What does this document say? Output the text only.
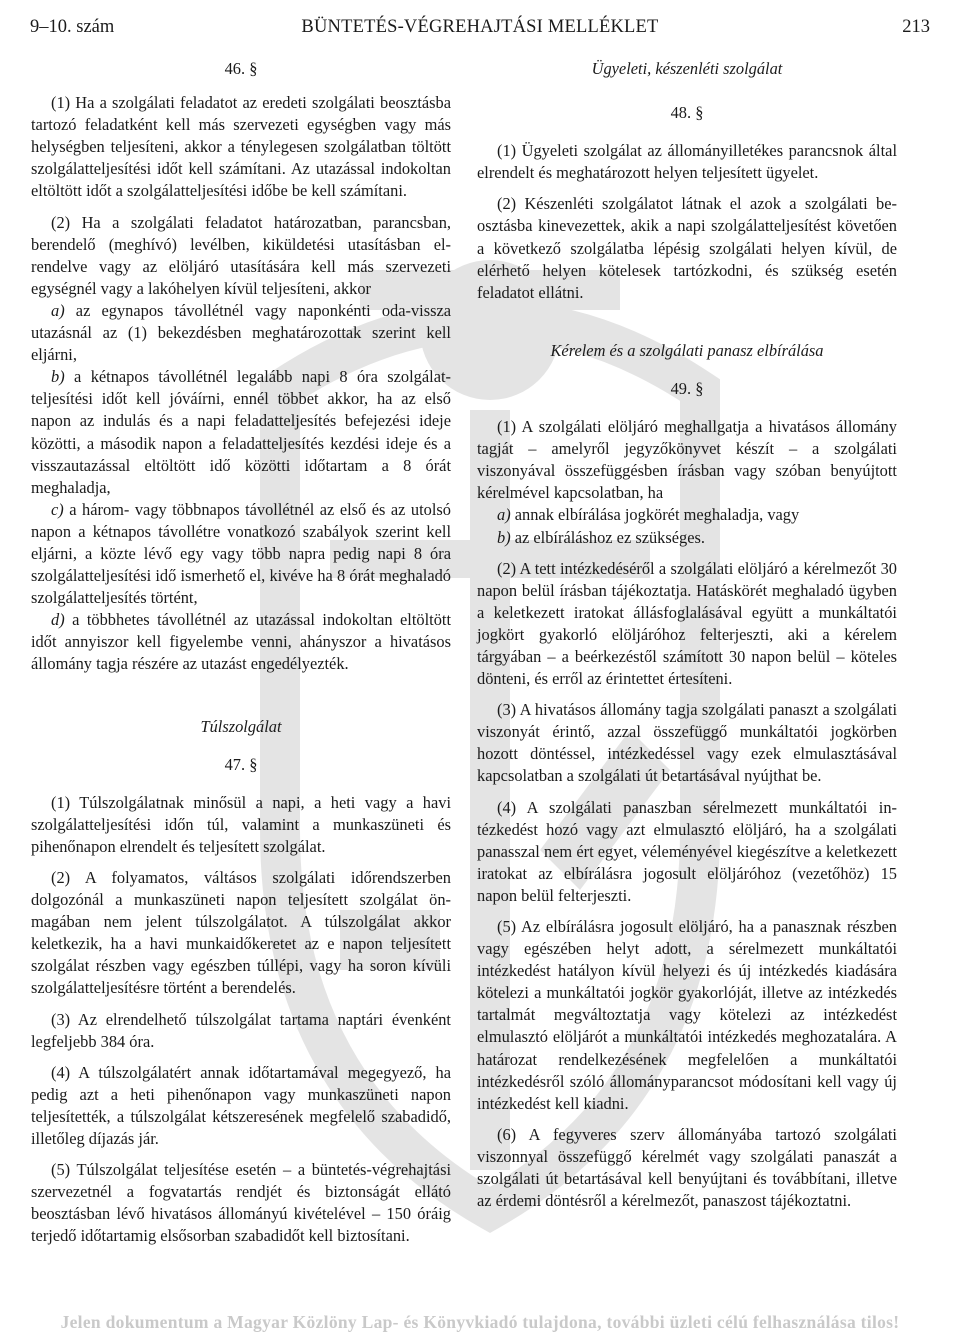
9–10. szám	BÜNTETÉS-VÉGREHAJTÁSI MELLÉKLET	213

46. §

(1) Ha a szolgálati feladatot az eredeti szolgálati beosztásba tartozó feladatként kell más szervezeti egységben vagy más helységben teljesíteni, akkor a ténylegesen szolgálatban töltött szolgálatteljesítési időt kell számítani. Az utazással indokoltan eltöltött időt a szolgálatteljesítési időbe be kell számítani.

(2) Ha a szolgálati feladatot határozatban, parancsban, berendelő (meghívó) levélben, kiküldetési utasításban elrendelve vagy az elöljáró utasítására kell más szervezeti egységnél vagy a lakóhelyen kívül teljesíteni, akkor

a) az egynapos távollétnél vagy naponkénti oda-vissza utazásnál az (1) bekezdésben meghatározottak szerint kell eljárni,

b) a kétnapos távollétnél legalább napi 8 óra szolgálatteljesítési időt kell jóváírni, ennél többet akkor, ha az első napon az indulás és a napi feladatteljesítés befejezési ideje közötti, a második napon a feladatteljesítés kezdési ideje és a visszautazással eltöltött idő közötti időtartam a 8 órát meghaladja,

c) a három- vagy többnapos távollétnél az első és az utolsó napon a kétnapos távollétre vonatkozó szabályok szerint kell eljárni, a közte lévő egy vagy több napra pedig napi 8 óra szolgálatteljesítési idő ismerhető el, kivéve ha 8 órát meghaladó szolgálatteljesítés történt,

d) a többhetes távollétnél az utazással indokoltan eltöltött időt annyiszor kell figyelembe venni, ahányszor a hivatásos állomány tagja részére az utazást engedélyezték.

Túlszolgálat

47. §

(1) Túlszolgálatnak minősül a napi, a heti vagy a havi szolgálatteljesítési időn túl, valamint a munkaszüneti és pihenőnapon elrendelt és teljesített szolgálat.

(2) A folyamatos, váltásos szolgálati időrendszerben dolgozónál a munkaszüneti napon teljesített szolgálat önmagában nem jelent túlszolgálatot. A túlszolgálat akkor keletkezik, ha a havi munkaidőkeretet az e napon teljesített szolgálat részben vagy egészben túllépi, vagy ha soron kívüli szolgálatteljesítésre történt a berendelés.

(3) Az elrendelhető túlszolgálat tartama naptári évenként legfeljebb 384 óra.

(4) A túlszolgálatért annak időtartamával megegyező, ha pedig azt a heti pihenőnapon vagy munkaszüneti napon teljesítették, a túlszolgálat kétszeresének megfelelő szabadidő, illetőleg díjazás jár.

(5) Túlszolgálat teljesítése esetén – a büntetés-végrehajtási szervezetnél a fogvatartás rendjét és biztonságát ellátó beosztásban lévő hivatásos állományú kivételével – 150 óráig terjedő időtartamig elsősorban szabadidőt kell biztosítani.

Ügyeleti, készenléti szolgálat

48. §

(1) Ügyeleti szolgálat az állományilletékes parancsnok által elrendelt és meghatározott helyen teljesített ügyelet.

(2) Készenléti szolgálatot látnak el azok a szolgálati beosztásba kinevezettek, akik a napi szolgálatteljesítést követően a következő szolgálatba lépésig szolgálati helyen kívül, de elérhető helyen kötelesek tartózkodni, és szükség esetén feladatot ellátni.

Kérelem és a szolgálati panasz elbírálása

49. §

(1) A szolgálati elöljáró meghallgatja a hivatásos állomány tagját – amelyről jegyzőkönyvet készít – a szolgálati viszonyával összefüggésben írásban vagy szóban benyújtott kérelmével kapcsolatban, ha

a) annak elbírálása jogkörét meghaladja, vagy

b) az elbíráláshoz ez szükséges.

(2) A tett intézkedéséről a szolgálati elöljáró a kérelmezőt 30 napon belül írásban tájékoztatja. Hatáskörét meghaladó ügyben a keletkezett iratokat állásfoglalásával együtt a munkáltatói jogkört gyakorló elöljáróhoz felterjeszti, aki a kérelem tárgyában – a beérkezéstől számított 30 napon belül – köteles dönteni, és erről az érintettet értesíteni.

(3) A hivatásos állomány tagja szolgálati panaszt a szolgálati viszonyát érintő, azzal összefüggő munkáltatói jogkörben hozott döntéssel, intézkedéssel vagy ezek elmulasztásával kapcsolatban a szolgálati út betartásával nyújthat be.

(4) A szolgálati panaszban sérelmezett munkáltatói intézkedést hozó vagy azt elmulasztó elöljáró, ha a szolgálati panasszal nem ért egyet, véleményével kiegészítve a keletkezett iratokat az elbírálásra jogosult elöljáróhoz (vezetőhöz) 15 napon belül felterjeszti.

(5) Az elbírálásra jogosult elöljáró, ha a panasznak részben vagy egészében helyt adott, a sérelmezett munkáltatói intézkedést hatályon kívül helyezi és új intézkedés kiadására kötelezi a munkáltatói jogkör gyakorlóját, illetve az intézkedés tartalmát megváltoztatja vagy kötelezi az intézkedést elmulasztó elöljárót a munkáltatói intézkedés meghozatalára. A határozat rendelkezésének megfelelően a munkáltatói intézkedésről szóló állományparancsot módosítani kell vagy új intézkedést kell kiadni.

(6) A fegyveres szerv állományába tartozó szolgálati viszonnyal összefüggő kérelmét vagy szolgálati panaszát a szolgálati út betartásával kell benyújtani és továbbítani, illetve az érdemi döntésről a kérelmezőt, panaszost tájékoztatni.

Jelen dokumentum a Magyar Közlöny Lap- és Könyvkiadó tulajdona, további üzleti célú felhasználása tilos!
